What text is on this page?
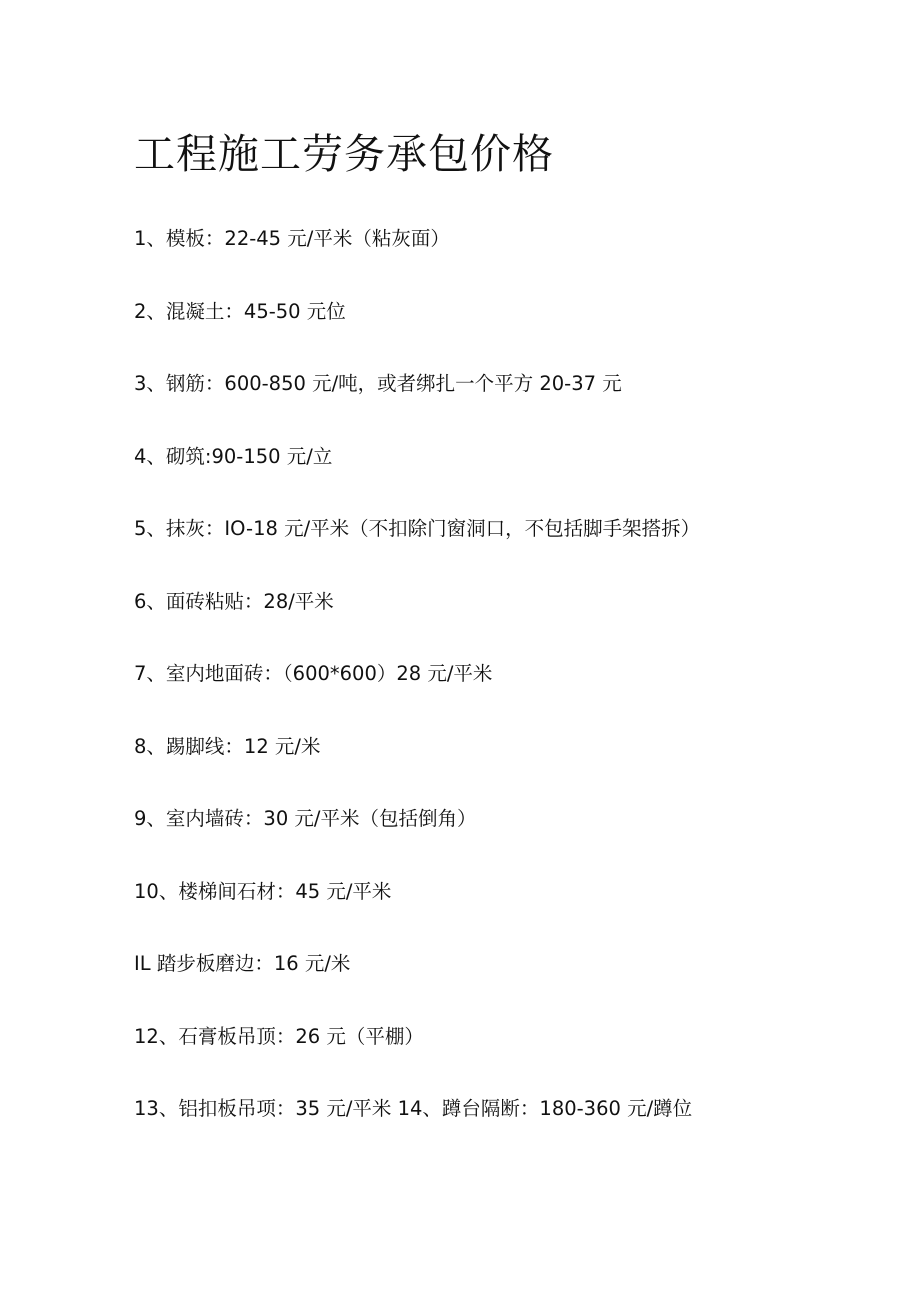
工程施工劳务承包价格
1、模板：22-45 元/平米（粘灰面）
2、混凝土：45-50 元位
3、钢筋：600-850 元/吨，或者绑扎一个平方 20-37 元
4、砌筑:90-150 元/立
5、抹灰：IO-18 元/平米（不扣除门窗洞口，不包括脚手架搭拆）
6、面砖粘贴：28/平米
7、室内地面砖：（600*600）28 元/平米
8、踢脚线：12 元/米
9、室内墙砖：30 元/平米（包括倒角）
10、楼梯间石材：45 元/平米
IL 踏步板磨边：16 元/米
12、石膏板吊顶：26 元（平棚）
13、铝扣板吊项：35 元/平米 14、蹲台隔断：180-360 元/蹲位
